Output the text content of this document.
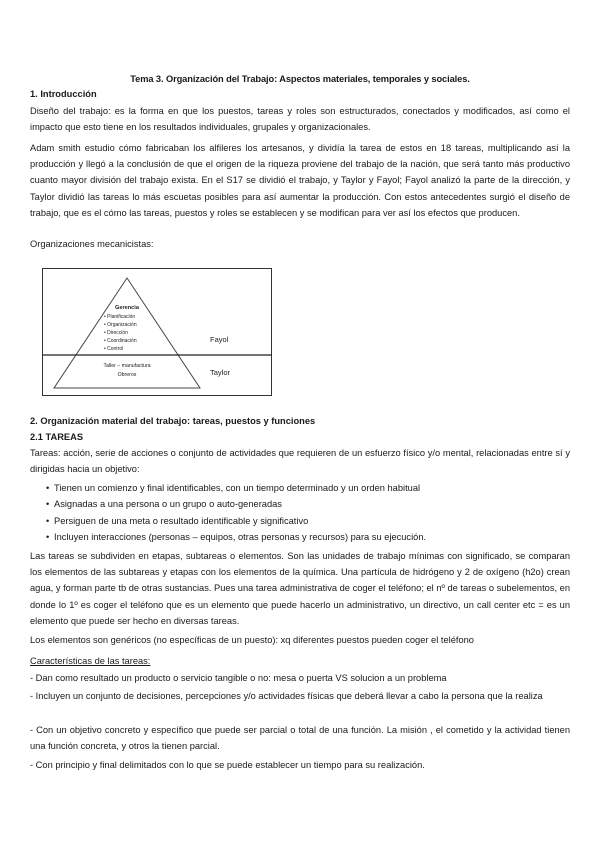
Tema 3. Organización del Trabajo: Aspectos materiales, temporales y sociales.
1. Introducción
Diseño del trabajo: es la forma en que los puestos, tareas y roles son estructurados, conectados y modificados, así como el impacto que esto tiene en los resultados individuales, grupales y organizacionales.
Adam smith estudio cómo fabricaban los alfileres los artesanos, y dividía la tarea de estos en 18 tareas, multiplicando así la producción y llegó a la conclusión de que el origen de la riqueza proviene del trabajo de la nación, que será tanto más productivo cuanto mayor división del trabajo exista. En el S17 se dividió el trabajo, y Taylor y Fayol; Fayol analizó la parte de la dirección, y Taylor dividió las tareas lo más escuetas posibles para así aumentar la producción. Con estos antecedentes surgió el diseño de trabajo, que es el cómo las tareas, puestos y roles se establecen y se modifican para ver así los efectos que producen.
Organizaciones mecanicistas:
Gerencia
• Planificación
• Organización
• Dirección
• Coordinación
• Control
Taller – manufactura
Obreros
Fayol
Taylor
2. Organización material del trabajo: tareas, puestos y funciones
2.1 TAREAS
Tareas: acción, serie de acciones o conjunto de actividades que requieren de un esfuerzo físico y/o mental, relacionadas entre sí y dirigidas hacia un objetivo:
• Tienen un comienzo y final identificables, con un tiempo determinado y un orden habitual
• Asignadas a una persona o un grupo o auto-generadas
• Persiguen de una meta o resultado identificable y significativo
• Incluyen interacciones (personas – equipos, otras personas y recursos) para su ejecución.
Las tareas se subdividen en etapas, subtareas o elementos. Son las unidades de trabajo mínimas con significado, se comparan los elementos de las subtareas y etapas con los elementos de la química. Una partícula de hidrógeno y 2 de oxígeno (h2o) crean agua, y forman parte tb de otras sustancias. Pues una tarea administrativa de coger el teléfono; el nº de tareas o subelementos, en donde lo 1º es coger el teléfono que es un elemento que puede hacerlo un administrativo, un directivo, un call center etc = es un elemento que puede ser hecho en diversas tareas.
Los elementos son genéricos (no específicas de un puesto): xq diferentes puestos pueden coger el teléfono
Características de las tareas:
- Dan como resultado un producto o servicio tangible o no: mesa o puerta VS solucion a un problema
- Incluyen un conjunto de decisiones, percepciones y/o actividades físicas que deberá llevar a cabo la persona que la realiza
- Con un objetivo concreto y específico que puede ser parcial o total de una función. La misión , el cometido y la actividad tienen una función concreta, y otros la tienen parcial.
- Con principio y final delimitados con lo que se puede establecer un tiempo para su realización.
